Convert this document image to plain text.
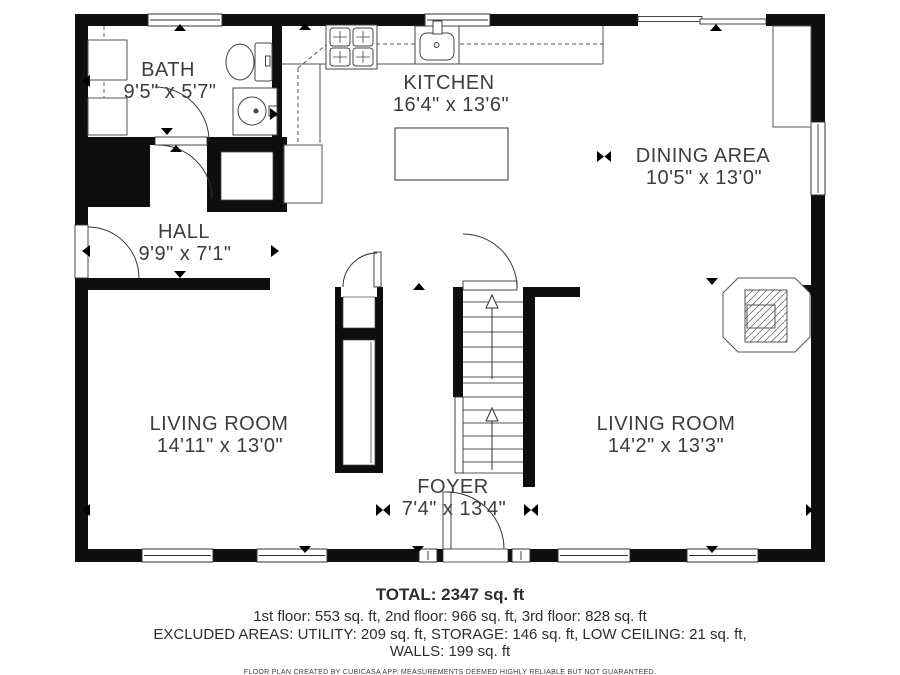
BATH
9'5" x 5'7"	KITCHEN
16'4" x 13'6"
DINING AREA
10'5" x 13'0"
HALL
9'9" x 7'1"
LIVING ROOM
14'11" x 13'0"
LIVING ROOM
14'2" x 13'3"
FOYER
7'4" x 13'4"
TOTAL: 2347 sq. ft
1st floor: 553 sq. ft, 2nd floor: 966 sq. ft, 3rd floor: 828 sq. ft
EXCLUDED AREAS: UTILITY: 209 sq. ft, STORAGE: 146 sq. ft, LOW CEILING: 21 sq. ft,
WALLS: 199 sq. ft
FLOOR PLAN CREATED BY CUBICASA APP. MEASUREMENTS DEEMED HIGHLY RELIABLE BUT NOT GUARANTEED.
